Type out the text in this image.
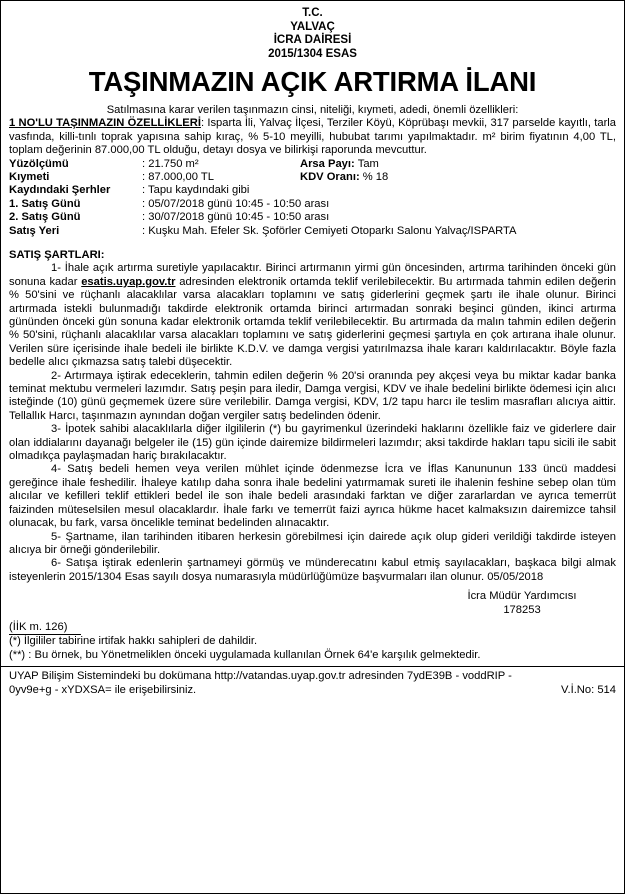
T.C.
YALVAÇ
İCRA DAİRESİ
2015/1304 ESAS
TAŞINMAZIN AÇIK ARTIRMA İLANI

Satılmasına karar verilen taşınmazın cinsi, niteliği, kıymeti, adedi, önemli özellikleri:

1 NO'LU TAŞINMAZIN ÖZELLİKLERİ: Isparta İli, Yalvaç İlçesi, Terziler Köyü, Köprübaşı mevkii, 317 parselde kayıtlı, tarla vasfında, killi-tınlı toprak yapısına sahip kıraç, % 5-10 meyilli, hububat tarımı yapılmaktadır. m² birim fiyatının 4,00 TL, toplam değerinin 87.000,00 TL olduğu, detayı dosya ve bilirkişi raporunda mevcuttur.

Yüzölçümü	: 21.750 m²	Arsa Payı: Tam
Kıymeti	: 87.000,00 TL	KDV Oranı: % 18
Kaydındaki Şerhler	: Tapu kaydındaki gibi
1. Satış Günü	: 05/07/2018 günü 10:45 - 10:50 arası
2. Satış Günü	: 30/07/2018 günü 10:45 - 10:50 arası
Satış Yeri	: Kuşku Mah. Efeler Sk. Şoförler Cemiyeti Otoparkı Salonu Yalvaç/ISPARTA
SATIŞ ŞARTLARI:

1- İhale açık artırma suretiyle yapılacaktır. Birinci artırmanın yirmi gün öncesinden, artırma tarihinden önceki gün sonuna kadar esatis.uyap.gov.tr adresinden elektronik ortamda teklif verilebilecektir. Bu artırmada tahmin edilen değerin % 50'sini ve rüçhanlı alacaklılar varsa alacakları toplamını ve satış giderlerini geçmek şartı ile ihale olunur. Birinci artırmada istekli bulunmadığı takdirde elektronik ortamda birinci artırmadan sonraki beşinci günden, ikinci artırma gününden önceki gün sonuna kadar elektronik ortamda teklif verilebilecektir. Bu artırmada da malın tahmin edilen değerin % 50'sini, rüçhanlı alacaklılar varsa alacakları toplamını ve satış giderlerini geçmesi şartıyla en çok artırana ihale olunur. Verilen süre içerisinde ihale bedeli ile birlikte K.D.V. ve damga vergisi yatırılmazsa ihale kararı kaldırılacaktır. Böyle fazla bedelle alıcı çıkmazsa satış talebi düşecektir.

2- Artırmaya iştirak edeceklerin, tahmin edilen değerin % 20'si oranında pey akçesi veya bu miktar kadar banka teminat mektubu vermeleri lazımdır. Satış peşin para iledir, Damga vergisi, KDV ve ihale bedelini birlikte ödemesi için alıcı isteğinde (10) günü geçmemek üzere süre verilebilir. Damga vergisi, KDV, 1/2 tapu harcı ile teslim masrafları alıcıya aittir. Tellallık Harcı, taşınmazın aynından doğan vergiler satış bedelinden ödenir.

3- İpotek sahibi alacaklılarla diğer ilgililerin (*) bu gayrimenkul üzerindeki haklarını özellikle faiz ve giderlere dair olan iddialarını dayanağı belgeler ile (15) gün içinde dairemize bildirmeleri lazımdır; aksi takdirde hakları tapu sicili ile sabit olmadıkça paylaşmadan hariç bırakılacaktır.

4- Satış bedeli hemen veya verilen mühlet içinde ödenmezse İcra ve İflas Kanununun 133 üncü maddesi gereğince ihale feshedilir. İhaleye katılıp daha sonra ihale bedelini yatırmamak sureti ile ihalenin feshine sebep olan tüm alıcılar ve kefilleri teklif ettikleri bedel ile son ihale bedeli arasındaki farktan ve diğer zararlardan ve ayrıca temerrüt faizinden müteselsilen mesul olacaklardır. İhale farkı ve temerrüt faizi ayrıca hükme hacet kalmaksızın dairemizce tahsil olunacak, bu fark, varsa öncelikle teminat bedelinden alınacaktır.

5- Şartname, ilan tarihinden itibaren herkesin görebilmesi için dairede açık olup gideri verildiği takdirde isteyen alıcıya bir örneği gönderilebilir.

6- Satışa iştirak edenlerin şartnameyi görmüş ve münderecatını kabul etmiş sayılacakları, başkaca bilgi almak isteyenlerin 2015/1304 Esas sayılı dosya numarasıyla müdürlüğümüze başvurmaları ilan olunur. 05/05/2018

İcra Müdür Yardımcısı
178253
(İİK m. 126)

(*) İlgililer tabirine irtifak hakkı sahipleri de dahildir.

(**) : Bu örnek, bu Yönetmeliklen önceki uygulamada kullanılan Örnek 64'e karşılık gelmektedir.

UYAP Bilişim Sistemindeki bu dokümana http://vatandas.uyap.gov.tr adresinden 7ydE39B - voddRIP -
0yv9e+g - xYDXSA= ile erişebilirsiniz.	V.İ.No: 514
